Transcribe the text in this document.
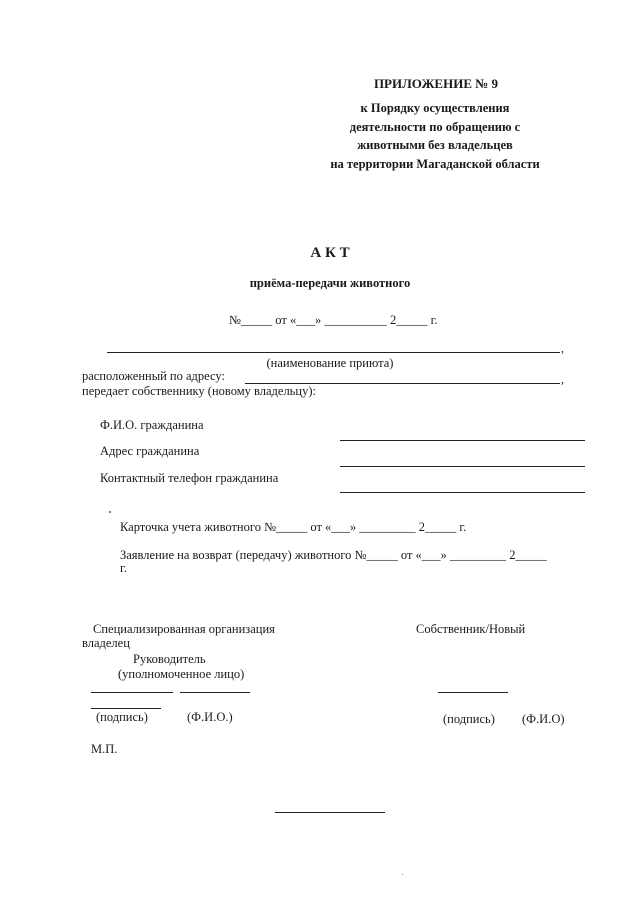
ПРИЛОЖЕНИЕ № 9
к Порядку осуществления
деятельности по обращению с
животными без владельцев
на территории Магаданской области
А К Т
приёма-передачи животного
№_____ от «___» __________ 2_____ г.
,
(наименование приюта)
расположенный по адресу:	,
передает собственнику (новому владельцу):
Ф.И.О. гражданина
Адрес гражданина
Контактный телефон гражданина
Карточка учета животного №_____ от «___» _________ 2_____ г.
Заявление на возврат (передачу) животного №_____ от «___» _________ 2_____
г.
Специализированная организация
владелец
Руководитель
(уполномоченное лицо)
Собственник/Новый
(подпись)	(Ф.И.О.)	(подпись) (Ф.И.О)
М.П.
